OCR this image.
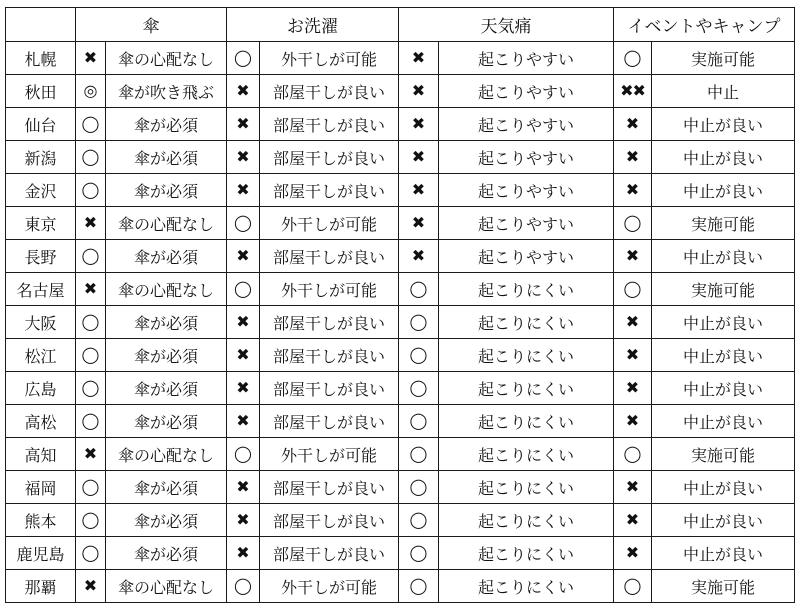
	傘		お洗濯		天気痛		イベントやキャンプ	
札幌	✖	傘の心配なし	◯	外干しが可能	✖	起こりやすい	◯	実施可能
秋田	◎	傘が吹き飛ぶ	✖	部屋干しが良い	✖	起こりやすい	✖✖	中止
仙台	◯	傘が必須	✖	部屋干しが良い	✖	起こりやすい	✖	中止が良い
新潟	◯	傘が必須	✖	部屋干しが良い	✖	起こりやすい	✖	中止が良い
金沢	◯	傘が必須	✖	部屋干しが良い	✖	起こりやすい	✖	中止が良い
東京	✖	傘の心配なし	◯	外干しが可能	✖	起こりやすい	◯	実施可能
長野	◯	傘が必須	✖	部屋干しが良い	✖	起こりやすい	✖	中止が良い
名古屋	✖	傘の心配なし	◯	外干しが可能	◯	起こりにくい	◯	実施可能
大阪	◯	傘が必須	✖	部屋干しが良い	◯	起こりにくい	✖	中止が良い
松江	◯	傘が必須	✖	部屋干しが良い	◯	起こりにくい	✖	中止が良い
広島	◯	傘が必須	✖	部屋干しが良い	◯	起こりにくい	✖	中止が良い
高松	◯	傘が必須	✖	部屋干しが良い	◯	起こりにくい	✖	中止が良い
高知	✖	傘の心配なし	◯	外干しが可能	◯	起こりにくい	◯	実施可能
福岡	◯	傘が必須	✖	部屋干しが良い	◯	起こりにくい	✖	中止が良い
熊本	◯	傘が必須	✖	部屋干しが良い	◯	起こりにくい	✖	中止が良い
鹿児島	◯	傘が必須	✖	部屋干しが良い	◯	起こりにくい	✖	中止が良い
那覇	✖	傘の心配なし	◯	外干しが可能	◯	起こりにくい	◯	実施可能
